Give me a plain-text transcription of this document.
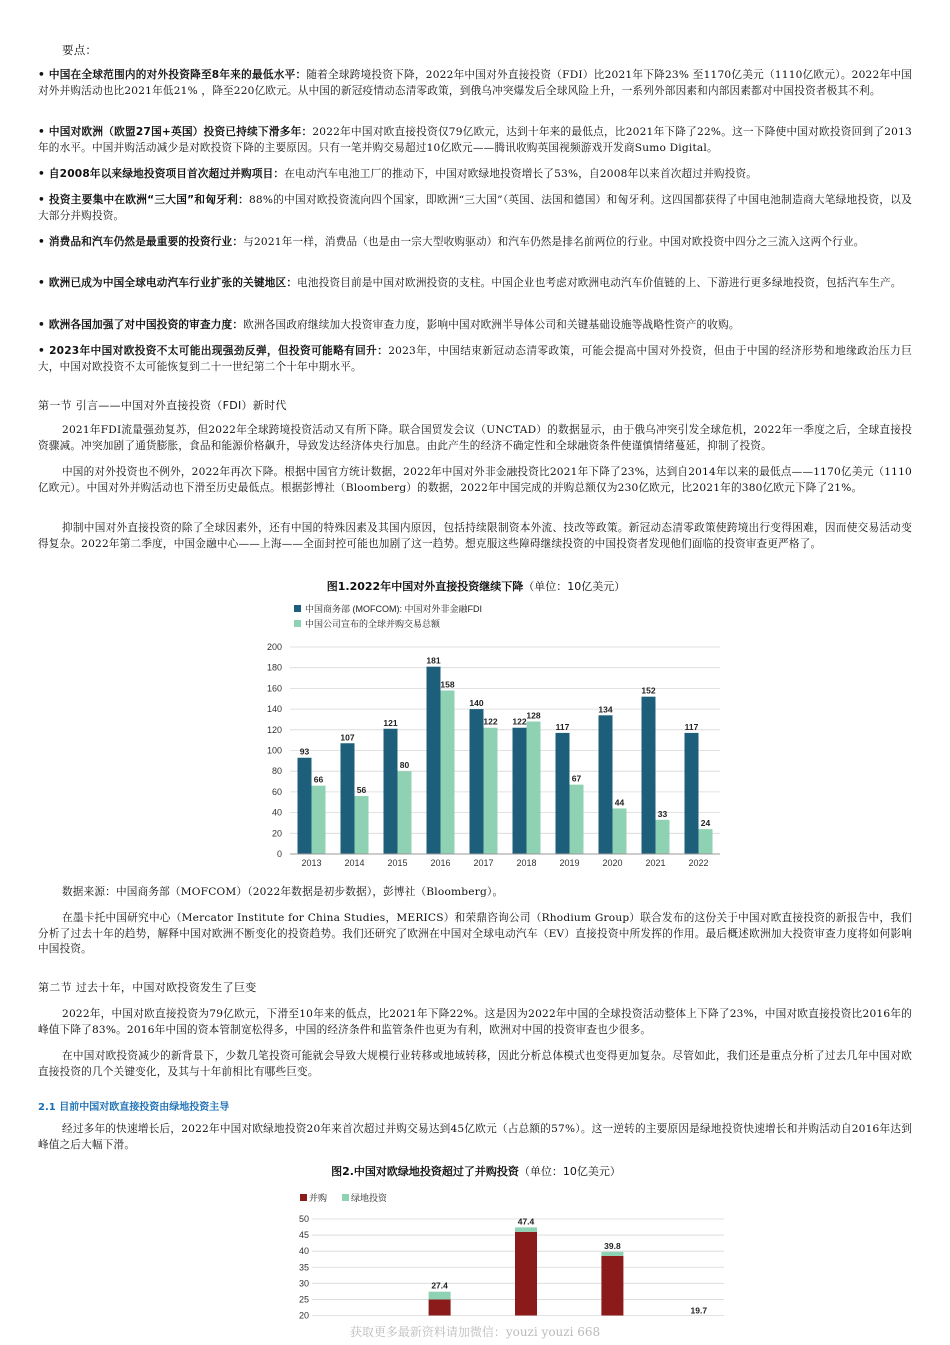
要点：
• 中国在全球范围内的对外投资降至8年来的最低水平：随着全球跨境投资下降，2022年中国对外直接投资（FDI）比2021年下降23% 至1170亿美元（1110亿欧元）。2022年中国对外并购活动也比2021年低21% ，降至220亿欧元。从中国的新冠疫情动态清零政策，到俄乌冲突爆发后全球风险上升，一系列外部因素和内部因素都对中国投资者极其不利。
• 中国对欧洲（欧盟27国+英国）投资已持续下滑多年：2022年中国对欧直接投资仅79亿欧元，达到十年来的最低点，比2021年下降了22%。这一下降使中国对欧投资回到了2013年的水平。中国并购活动减少是对欧投资下降的主要原因。只有一笔并购交易超过10亿欧元——腾讯收购英国视频游戏开发商Sumo Digital。
• 自2008年以来绿地投资项目首次超过并购项目：在电动汽车电池工厂的推动下，中国对欧绿地投资增长了53%，自2008年以来首次超过并购投资。
• 投资主要集中在欧洲“三大国”和匈牙利：88%的中国对欧投资流向四个国家，即欧洲“三大国”（英国、法国和德国）和匈牙利。这四国都获得了中国电池制造商大笔绿地投资，以及大部分并购投资。
• 消费品和汽车仍然是最重要的投资行业：与2021年一样，消费品（也是由一宗大型收购驱动）和汽车仍然是排名前两位的行业。中国对欧投资中四分之三流入这两个行业。
• 欧洲已成为中国全球电动汽车行业扩张的关键地区：电池投资目前是中国对欧洲投资的支柱。中国企业也考虑对欧洲电动汽车价值链的上、下游进行更多绿地投资，包括汽车生产。
• 欧洲各国加强了对中国投资的审查力度：欧洲各国政府继续加大投资审查力度，影响中国对欧洲半导体公司和关键基础设施等战略性资产的收购。
• 2023年中国对欧投资不太可能出现强劲反弹，但投资可能略有回升：2023年，中国结束新冠动态清零政策，可能会提高中国对外投资，但由于中国的经济形势和地缘政治压力巨大，中国对欧投资不太可能恢复到二十一世纪第二个十年中期水平。
第一节 引言——中国对外直接投资（FDI）新时代
2021年FDI流量强劲复苏，但2022年全球跨境投资活动又有所下降。联合国贸发会议（UNCTAD）的数据显示，由于俄乌冲突引发全球危机，2022年一季度之后，全球直接投资骤减。冲突加剧了通货膨胀，食品和能源价格飙升，导致发达经济体央行加息。由此产生的经济不确定性和全球融资条件使谨慎情绪蔓延，抑制了投资。
中国的对外投资也不例外，2022年再次下降。根据中国官方统计数据，2022年中国对外非金融投资比2021年下降了23%，达到自2014年以来的最低点——1170亿美元（1110亿欧元）。中国对外并购活动也下滑至历史最低点。根据彭博社（Bloomberg）的数据，2022年中国完成的并购总额仅为230亿欧元，比2021年的380亿欧元下降了21%。
抑制中国对外直接投资的除了全球因素外，还有中国的特殊因素及其国内原因，包括持续限制资本外流、技改等政策。新冠动态清零政策使跨境出行变得困难，因而使交易活动变得复杂。2022年第二季度，中国金融中心——上海——全面封控可能也加剧了这一趋势。想克服这些障碍继续投资的中国投资者发现他们面临的投资审查更严格了。
图1.2022年中国对外直接投资继续下降（单位：10亿美元）
中国商务部 (MOFCOM): 中国对外非金融FDI
中国公司宣布的全球并购交易总额
0
20
40
60
80
100
120
140
160
180
200
2013
93
66
2014
107
56
2015
121
80
2016
181
158
2017
140
122
2018
122
128
2019
117
67
2020
134
44
2021
152
33
2022
117
24
数据来源：中国商务部（MOFCOM）（2022年数据是初步数据），彭博社（Bloomberg）。
在墨卡托中国研究中心（Mercator Institute for China Studies，MERICS）和荣鼎咨询公司（Rhodium Group）联合发布的这份关于中国对欧直接投资的新报告中，我们分析了过去十年的趋势，解释中国对欧洲不断变化的投资趋势。我们还研究了欧洲在中国对全球电动汽车（EV）直接投资中所发挥的作用。最后概述欧洲加大投资审查力度将如何影响中国投资。
第二节 过去十年，中国对欧投资发生了巨变
2022年，中国对欧直接投资为79亿欧元，下滑至10年来的低点，比2021年下降22%。这是因为2022年中国的全球投资活动整体上下降了23%，中国对欧直接投资比2016年的峰值下降了83%。2016年中国的资本管制宽松得多，中国的经济条件和监管条件也更为有利，欧洲对中国的投资审查也少很多。
在中国对欧投资减少的新背景下，少数几笔投资可能就会导致大规模行业转移或地域转移，因此分析总体模式也变得更加复杂。尽管如此，我们还是重点分析了过去几年中国对欧直接投资的几个关键变化，及其与十年前相比有哪些巨变。
2.1 目前中国对欧直接投资由绿地投资主导
经过多年的快速增长后，2022年中国对欧绿地投资20年来首次超过并购交易达到45亿欧元（占总额的57%）。这一逆转的主要原因是绿地投资快速增长和并购活动自2016年达到峰值之后大幅下滑。
图2.中国对欧绿地投资超过了并购投资（单位：10亿美元）
并购	绿地投资
20
25
30
35
40
45
50
27.4
47.4
39.8
19.7
获取更多最新资料请加微信：youzi youzi 668
